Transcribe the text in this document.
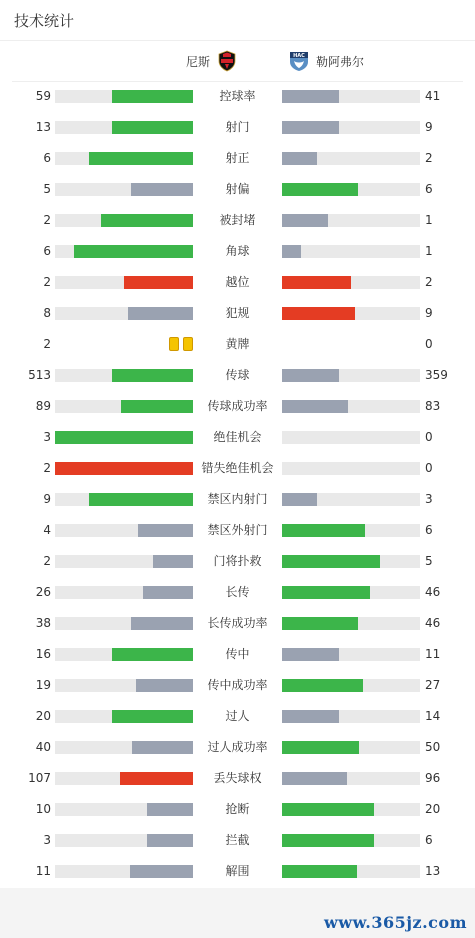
技术统计
尼斯	HAC 勒阿弗尔
59	控球率	41
13	射门	9
6	射正	2
5	射偏	6
2	被封堵	1
6	角球	1
2	越位	2
8	犯规	9
2	黄牌	0
513	传球	359
89	传球成功率	83
3	绝佳机会	0
2	错失绝佳机会	0
9	禁区内射门	3
4	禁区外射门	6
2	门将扑救	5
26	长传	46
38	长传成功率	46
16	传中	11
19	传中成功率	27
20	过人	14
40	过人成功率	50
107	丢失球权	96
10	抢断	20
3	拦截	6
11	解围	13
www.365jz.com
